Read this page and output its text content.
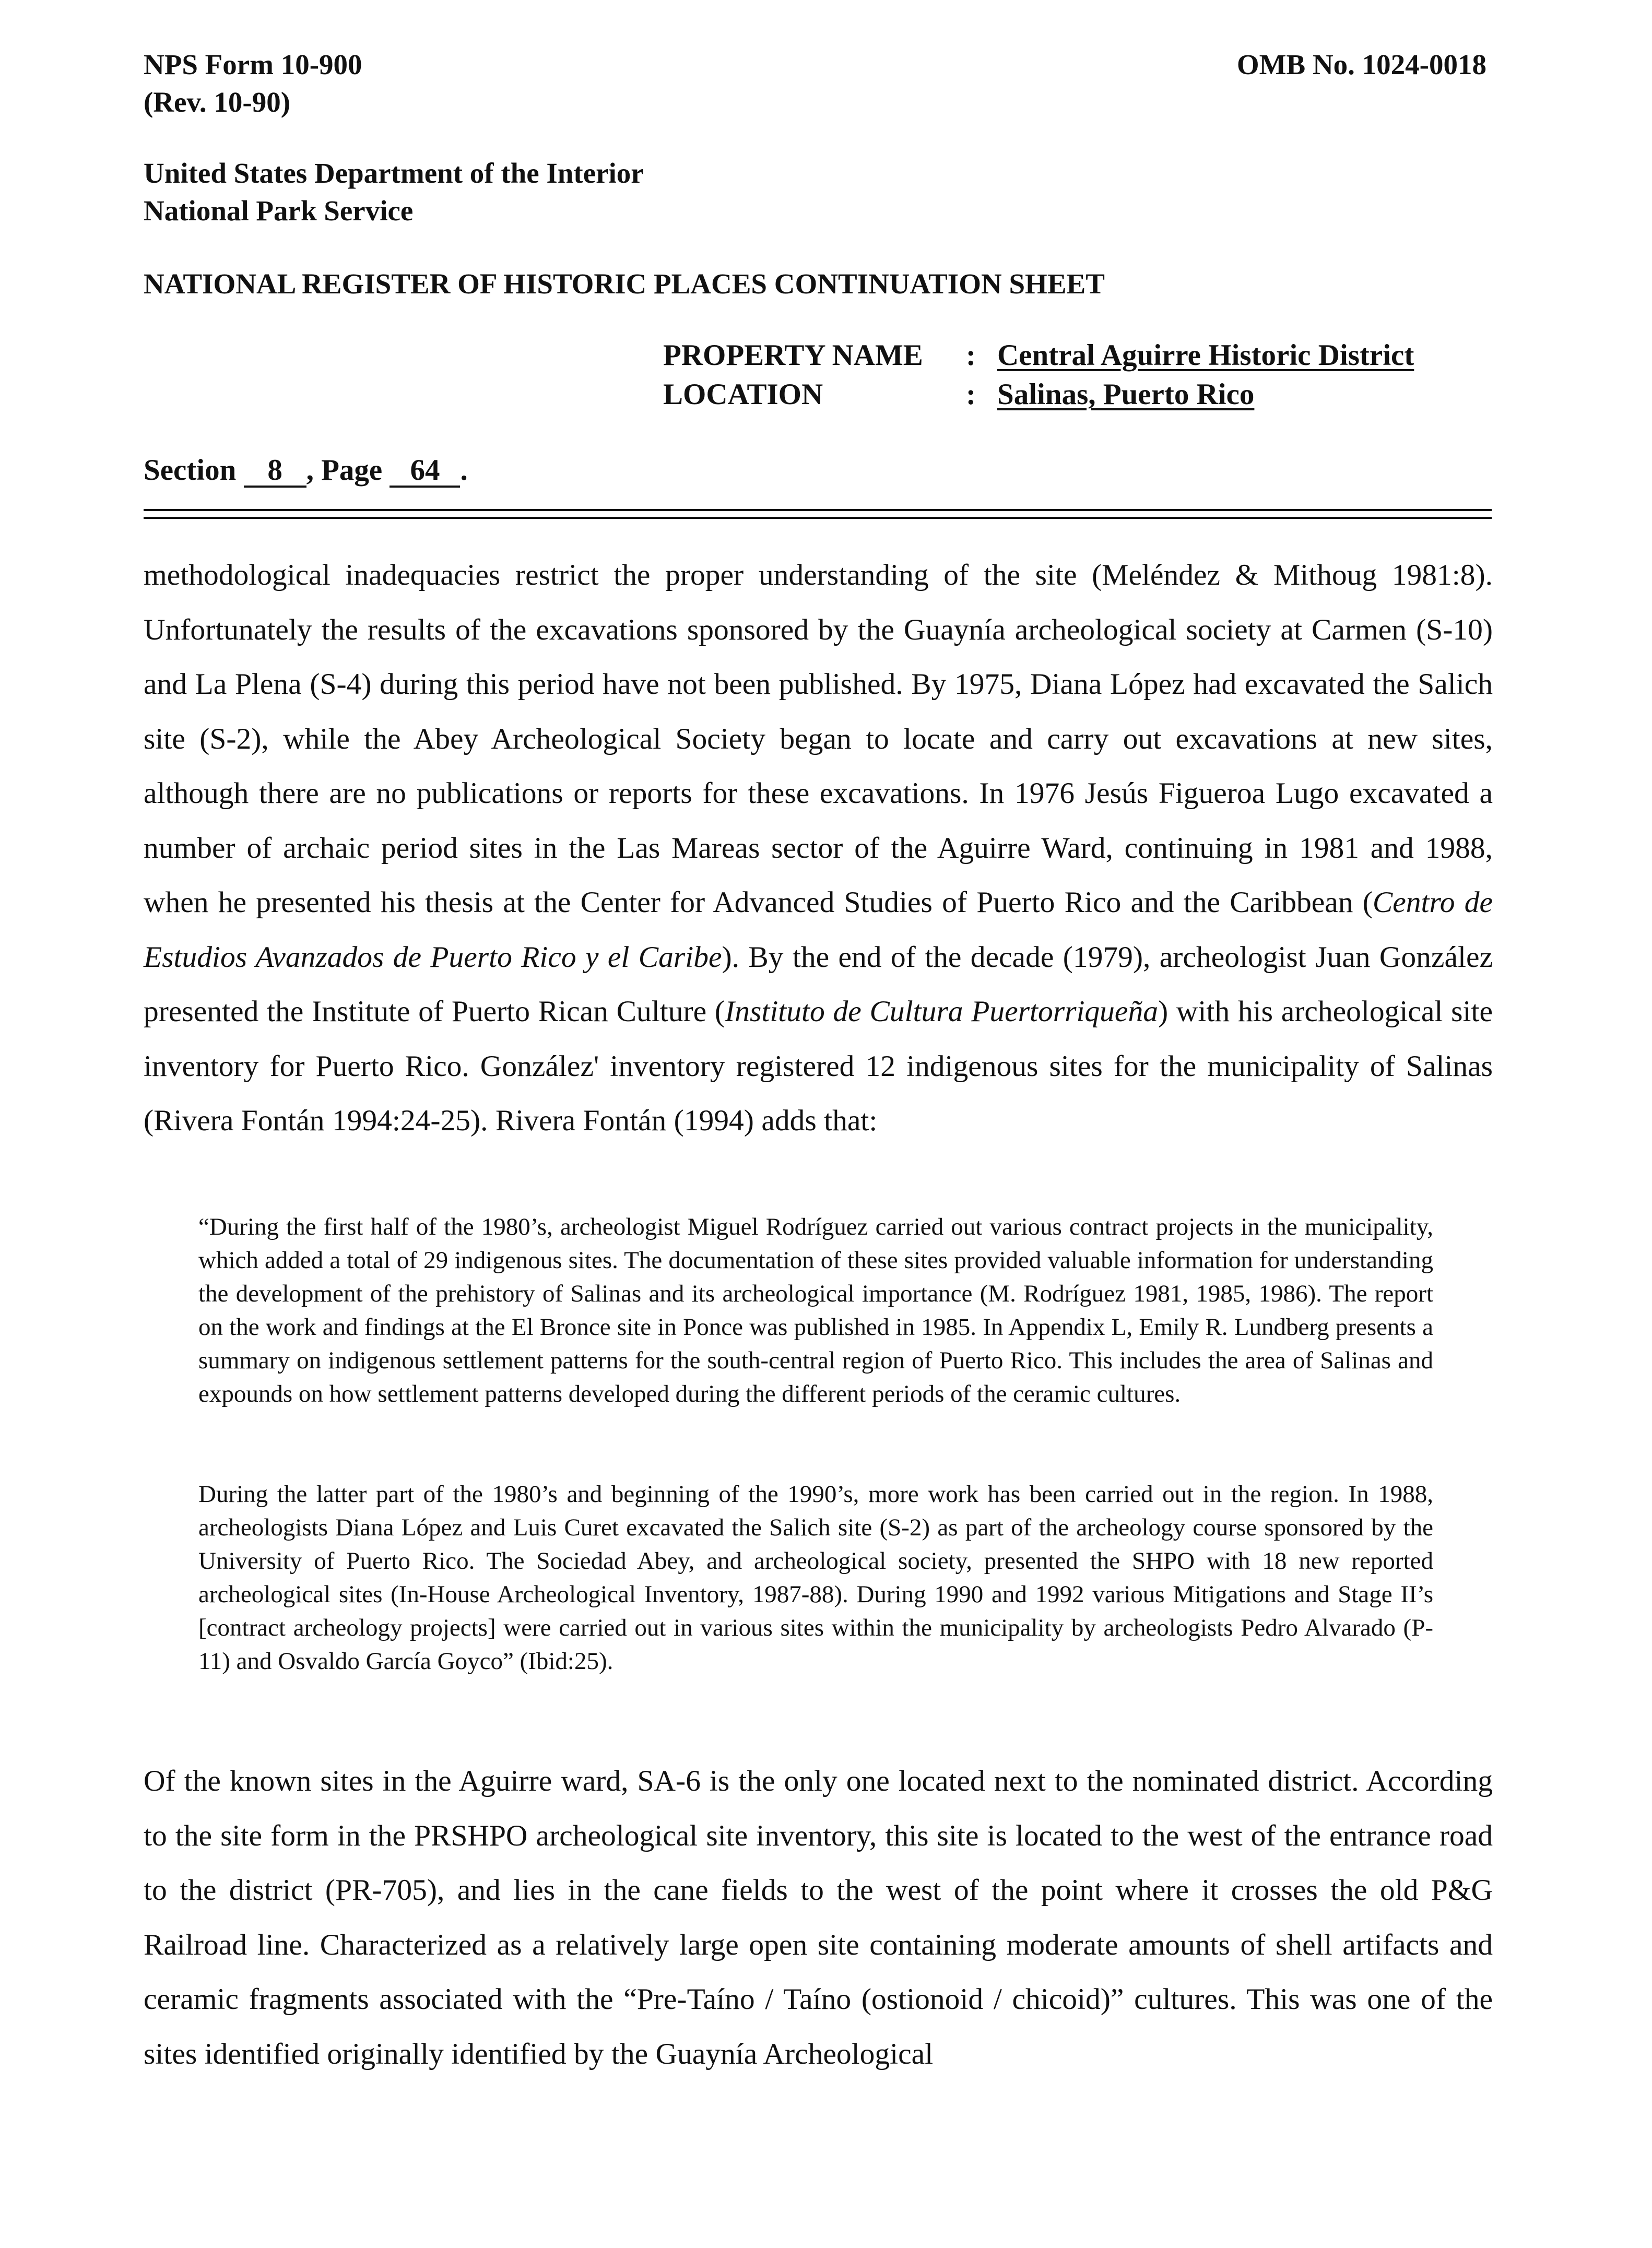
NPS Form 10-900
(Rev. 10-90)
OMB No. 1024-0018
United States Department of the Interior
National Park Service
NATIONAL REGISTER OF HISTORIC PLACES CONTINUATION SHEET
PROPERTY NAME : Central Aguirre Historic District
LOCATION	: Salinas, Puerto Rico
Section 8 , Page 64 .

methodological inadequacies restrict the proper understanding of the site (Meléndez & Mithoug 1981:8). Unfortunately the results of the excavations sponsored by the Guaynía archeological society at Carmen (S-10) and La Plena (S-4) during this period have not been published. By 1975, Diana López had excavated the Salich site (S-2), while the Abey Archeological Society began to locate and carry out excavations at new sites, although there are no publications or reports for these excavations. In 1976 Jesús Figueroa Lugo excavated a number of archaic period sites in the Las Mareas sector of the Aguirre Ward, continuing in 1981 and 1988, when he presented his thesis at the Center for Advanced Studies of Puerto Rico and the Caribbean (Centro de Estudios Avanzados de Puerto Rico y el Caribe). By the end of the decade (1979), archeologist Juan González presented the Institute of Puerto Rican Culture (Instituto de Cultura Puertorriqueña) with his archeological site inventory for Puerto Rico. González' inventory registered 12 indigenous sites for the municipality of Salinas (Rivera Fontán 1994:24-25). Rivera Fontán (1994) adds that:

“During the first half of the 1980’s, archeologist Miguel Rodríguez carried out various contract projects in the municipality, which added a total of 29 indigenous sites. The documentation of these sites provided valuable information for understanding the development of the prehistory of Salinas and its archeological importance (M. Rodríguez 1981, 1985, 1986). The report on the work and findings at the El Bronce site in Ponce was published in 1985. In Appendix L, Emily R. Lundberg presents a summary on indigenous settlement patterns for the south-central region of Puerto Rico. This includes the area of Salinas and expounds on how settlement patterns developed during the different periods of the ceramic cultures.

During the latter part of the 1980’s and beginning of the 1990’s, more work has been carried out in the region. In 1988, archeologists Diana López and Luis Curet excavated the Salich site (S-2) as part of the archeology course sponsored by the University of Puerto Rico. The Sociedad Abey, and archeological society, presented the SHPO with 18 new reported archeological sites (In-House Archeological Inventory, 1987-88). During 1990 and 1992 various Mitigations and Stage II’s [contract archeology projects] were carried out in various sites within the municipality by archeologists Pedro Alvarado (P-11) and Osvaldo García Goyco” (Ibid:25).

Of the known sites in the Aguirre ward, SA-6 is the only one located next to the nominated district. According to the site form in the PRSHPO archeological site inventory, this site is located to the west of the entrance road to the district (PR-705), and lies in the cane fields to the west of the point where it crosses the old P&G Railroad line. Characterized as a relatively large open site containing moderate amounts of shell artifacts and ceramic fragments associated with the “Pre-Taíno / Taíno (ostionoid / chicoid)” cultures. This was one of the sites identified originally identified by the Guaynía Archeological
